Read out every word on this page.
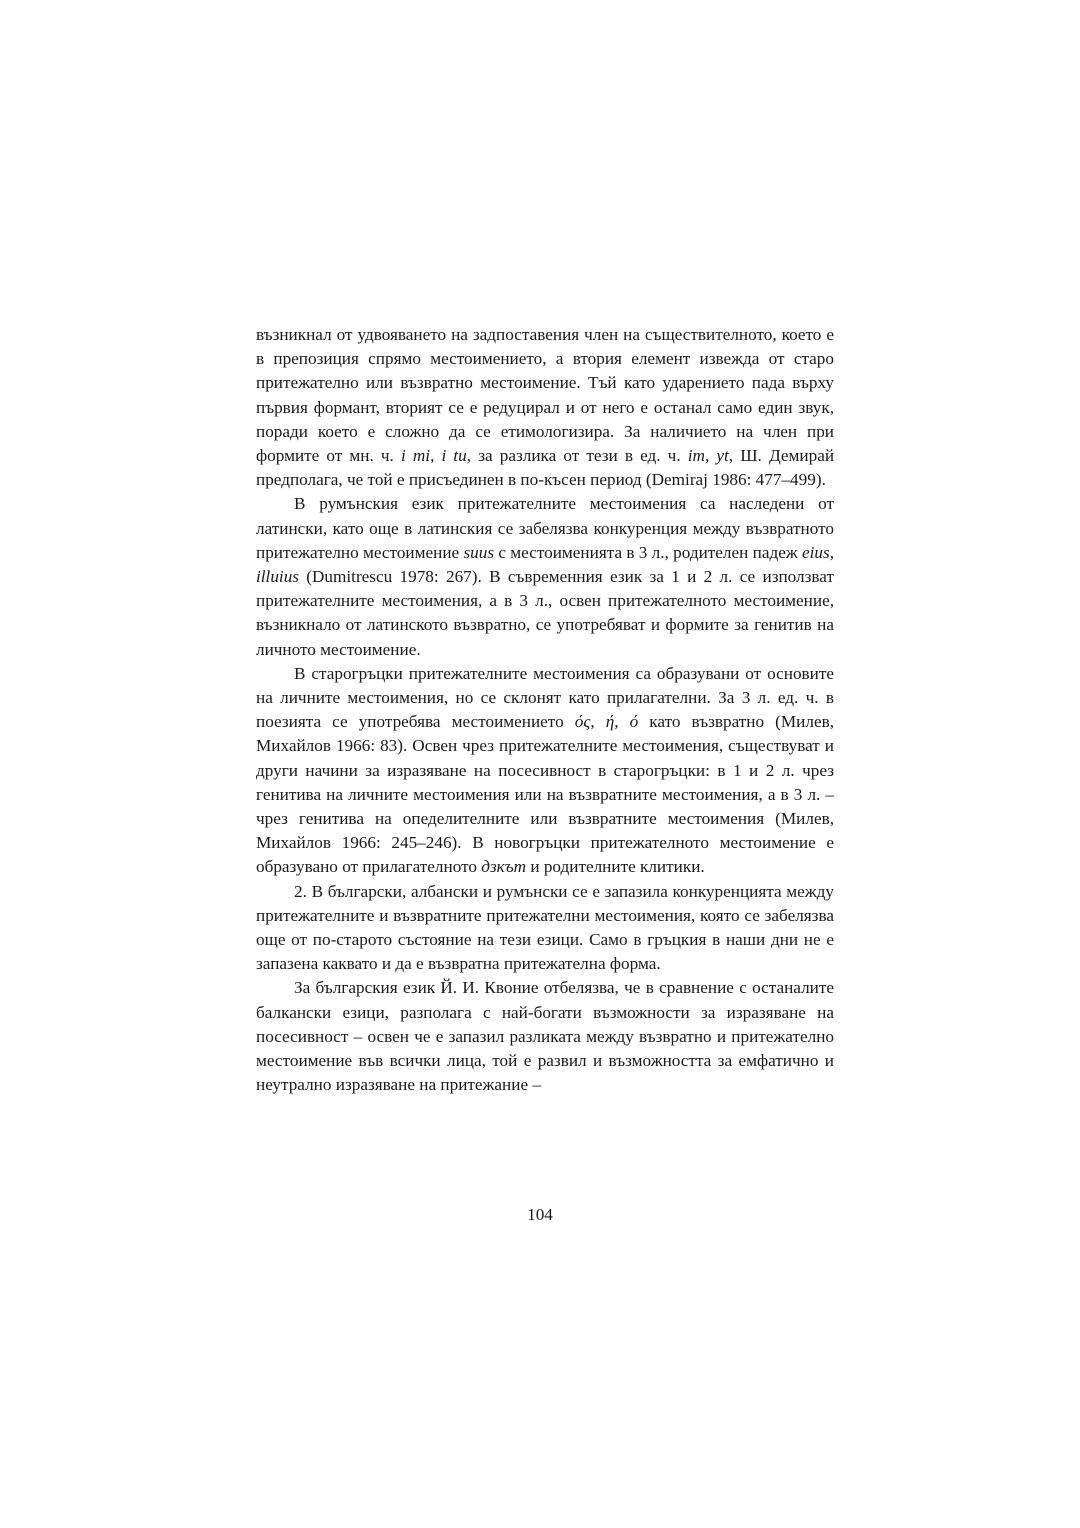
възникнал от удвояването на задпоставения член на съществителното, което е в препозиция спрямо местоимението, а втория елемент извежда от старо притежателно или възвратно местоимение. Тъй като ударението пада върху първия формант, вторият се е редуцирал и от него е останал само един звук, поради което е сложно да се етимологизира. За наличието на член при формите от мн. ч. i mi, i tu, за разлика от тези в ед. ч. im, yt, Ш. Демирай предполага, че той е присъединен в по-късен период (Demiraj 1986: 477–499).

В румънския език притежателните местоимения са наследени от латински, като още в латинския се забелязва конкуренция между възвратното притежателно местоимение suus с местоименията в 3 л., родителен падеж eius, illuius (Dumitrescu 1978: 267). В съвременния език за 1 и 2 л. се използват притежателните местоимения, а в 3 л., освен притежателното местоимение, възникнало от латинското възвратно, се употребяват и формите за генитив на личното местоимение.

В старогръцки притежателните местоимения са образувани от основите на личните местоимения, но се склонят като прилагателни. За 3 л. ед. ч. в поезията се употребява местоимението ός, ή, ό като възвратно (Милев, Михайлов 1966: 83). Освен чрез притежателните местоимения, съществуват и други начини за изразяване на посесивност в старогръцки: в 1 и 2 л. чрез генитива на личните местоимения или на възвратните местоимения, а в 3 л. – чрез генитива на опеделителните или възвратните местоимения (Милев, Михайлов 1966: 245–246). В новогръцки притежателното местоимение е образувано от прилагателното дзкът и родителните клитики.

2. В български, албански и румънски се е запазила конкуренцията между притежателните и възвратните притежателни местоимения, която се забелязва още от по-старото състояние на тези езици. Само в гръцкия в наши дни не е запазена каквато и да е възвратна притежателна форма.

За българския език Й. И. Квоние отбелязва, че в сравнение с останалите балкански езици, разполага с най-богати възможности за изразяване на посесивност – освен че е запазил разликата между възвратно и притежателно местоимение във всички лица, той е развил и възможността за емфатично и неутрално изразяване на притежание –

104
